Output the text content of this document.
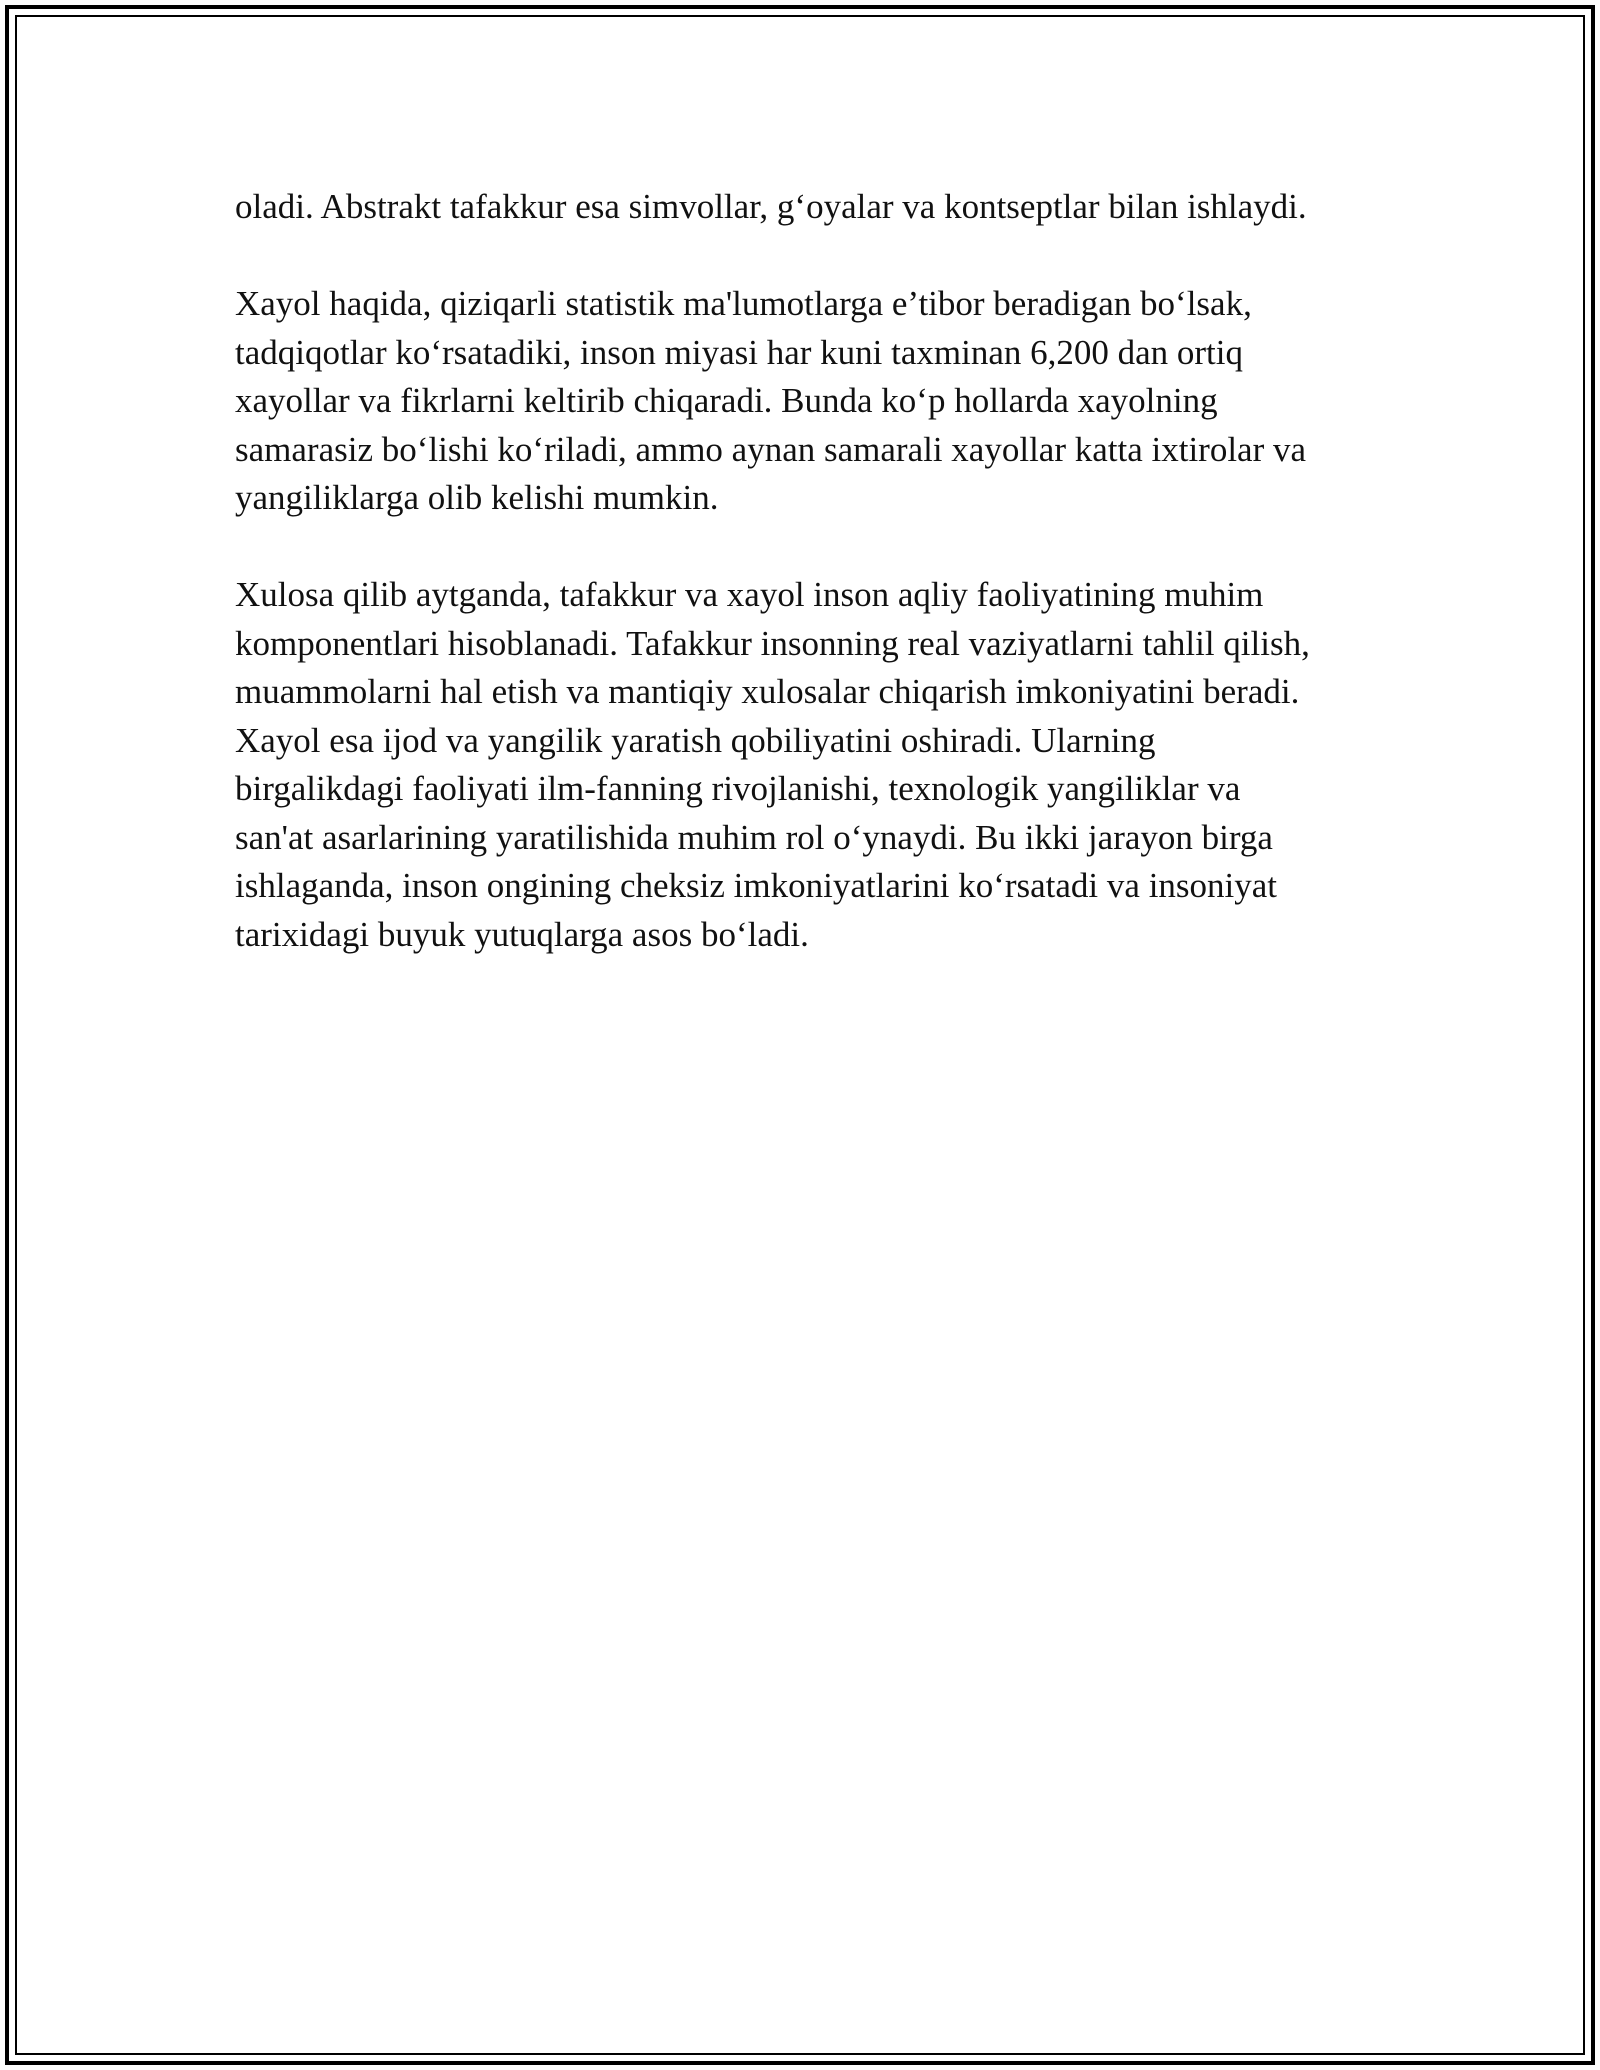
oladi. Abstrakt tafakkur esa simvollar, g‘oyalar va kontseptlar bilan ishlaydi.
Xayol haqida, qiziqarli statistik ma'lumotlarga e’tibor beradigan bo‘lsak,
tadqiqotlar ko‘rsatadiki, inson miyasi har kuni taxminan 6,200 dan ortiq
xayollar va fikrlarni keltirib chiqaradi. Bunda ko‘p hollarda xayolning
samarasiz bo‘lishi ko‘riladi, ammo aynan samarali xayollar katta ixtirolar va
yangiliklarga olib kelishi mumkin.
Xulosa qilib aytganda, tafakkur va xayol inson aqliy faoliyatining muhim
komponentlari hisoblanadi. Tafakkur insonning real vaziyatlarni tahlil qilish,
muammolarni hal etish va mantiqiy xulosalar chiqarish imkoniyatini beradi.
Xayol esa ijod va yangilik yaratish qobiliyatini oshiradi. Ularning
birgalikdagi faoliyati ilm-fanning rivojlanishi, texnologik yangiliklar va
san'at asarlarining yaratilishida muhim rol o‘ynaydi. Bu ikki jarayon birga
ishlaganda, inson ongining cheksiz imkoniyatlarini ko‘rsatadi va insoniyat
tarixidagi buyuk yutuqlarga asos bo‘ladi.
